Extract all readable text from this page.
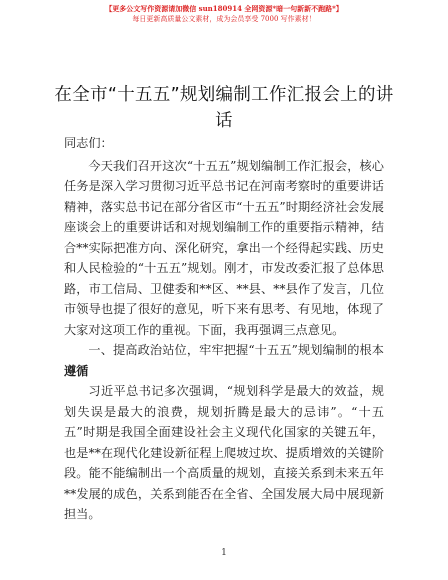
【更多公文写作资源请加微信 sun180914 全网资源*暗一句新新不跑路*】
每日更新高质量公文素材，成为会员享受 7000 写作素材！
在全市“十五五”规划编制工作汇报会上的讲话

同志们：

今天我们召开这次“十五五”规划编制工作汇报会，核心任务是深入学习贯彻习近平总书记在河南考察时的重要讲话精神，落实总书记在部分省区市“十五五”时期经济社会发展座谈会上的重要讲话和对规划编制工作的重要指示精神，结合**实际把准方向、深化研究，拿出一个经得起实践、历史和人民检验的“十五五”规划。刚才，市发改委汇报了总体思路，市工信局、卫健委和**区、**县、**县作了发言，几位市领导也提了很好的意见，听下来有思考、有见地，体现了大家对这项工作的重视。下面，我再强调三点意见。

一、提高政治站位，牢牢把握“十五五”规划编制的根本遵循

习近平总书记多次强调，“规划科学是最大的效益，规划失误是最大的浪费，规划折腾是最大的忌讳”。“十五五”时期是我国全面建设社会主义现代化国家的关键五年，也是**在现代化建设新征程上爬坡过坎、提质增效的关键阶段。能不能编制出一个高质量的规划，直接关系到未来五年**发展的成色，关系到能否在全省、全国发展大局中展现新担当。

1
